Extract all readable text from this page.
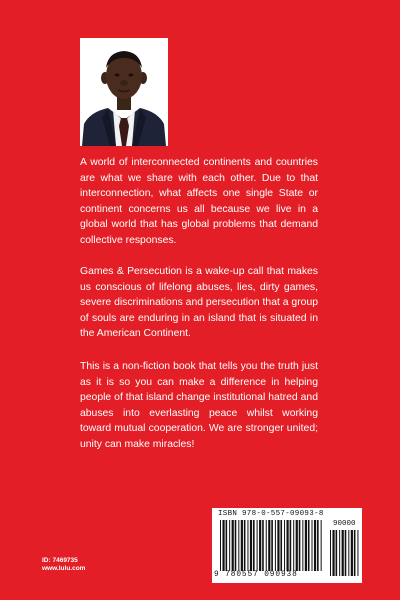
A world of interconnected continents and countries are what we share with each other. Due to that interconnection, what affects one single State or continent concerns us all because we live in a global world that has global problems that demand collective responses.

Games & Persecution is a wake-up call that makes us conscious of lifelong abuses, lies, dirty games, severe discriminations and persecution that a group of souls are enduring in an island that is situated in the American Continent.

This is a non-fiction book that tells you the truth just as it is so you can make a difference in helping people of that island change institutional hatred and abuses into everlasting peace whilst working toward mutual cooperation. We are stronger united; unity can make miracles!

ID: 7469735
www.lulu.com
ISBN 978-0-557-09093-8
90000
9 780557 090938
